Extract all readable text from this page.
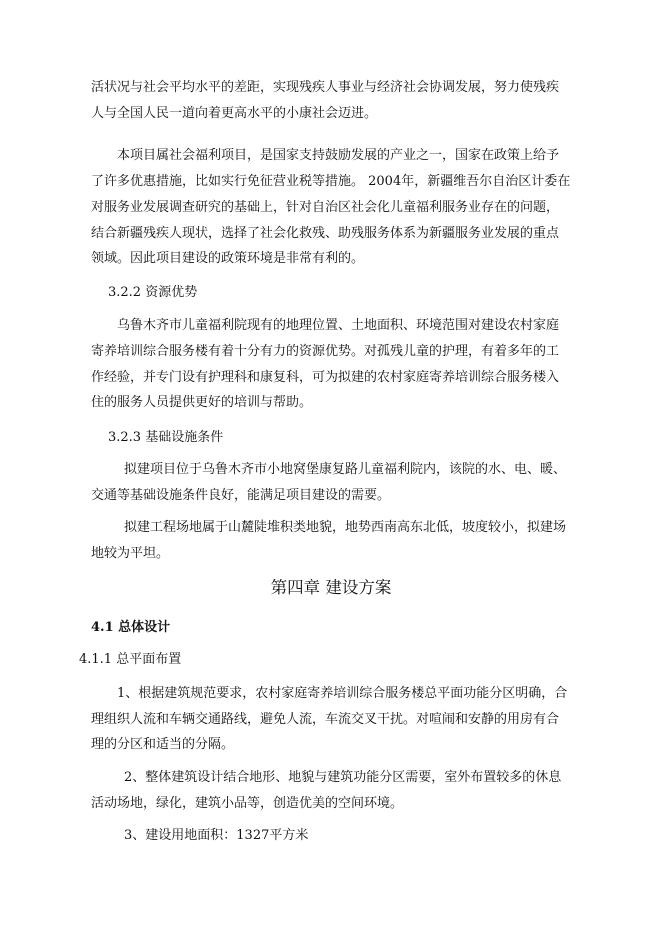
活状况与社会平均水平的差距，实现残疾人事业与经济社会协调发展，努力使残疾
人与全国人民一道向着更高水平的小康社会迈进。
本项目属社会福利项目，是国家支持鼓励发展的产业之一，国家在政策上给予
了许多优惠措施，比如实行免征营业税等措施。 2004年，新疆维吾尔自治区计委在
对服务业发展调查研究的基础上，针对自治区社会化儿童福利服务业存在的问题，
结合新疆残疾人现状，选择了社会化救残、助残服务体系为新疆服务业发展的重点
领域。因此项目建设的政策环境是非常有利的。
3.2.2 资源优势
乌鲁木齐市儿童福利院现有的地理位置、土地面积、环境范围对建设农村家庭
寄养培训综合服务楼有着十分有力的资源优势。对孤残儿童的护理，有着多年的工
作经验，并专门设有护理科和康复科，可为拟建的农村家庭寄养培训综合服务楼入
住的服务人员提供更好的培训与帮助。
3.2.3 基础设施条件
拟建项目位于乌鲁木齐市小地窝堡康复路儿童福利院内，该院的水、电、暖、
交通等基础设施条件良好，能满足项目建设的需要。
拟建工程场地属于山麓陡堆积类地貌，地势西南高东北低，坡度较小，拟建场
地较为平坦。
第四章 建设方案
4.1 总体设计
4.1.1 总平面布置
1、根据建筑规范要求，农村家庭寄养培训综合服务楼总平面功能分区明确，合
理组织人流和车辆交通路线，避免人流，车流交叉干扰。对喧闹和安静的用房有合
理的分区和适当的分隔。
2、整体建筑设计结合地形、地貌与建筑功能分区需要，室外布置较多的休息
活动场地，绿化，建筑小品等，创造优美的空间环境。
3、建设用地面积：1327平方米
